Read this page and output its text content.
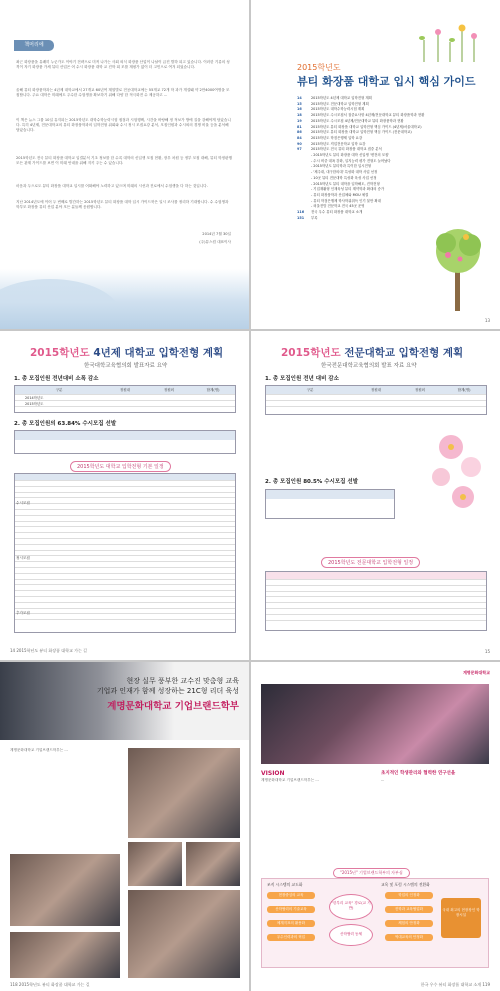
책머리에
최근 화장품을 유쾌히 누군가도 이야기 전략으로 미적 나가는 사회 외식 화장품 산업이 나날이 급진 발하 되고 있습니다. 이러한 기류의 성격이 자기 화장품 가세 뷰티 산업은 어 수시 화장품 대학 교 진학 희 모를 재평가 없이 더 고민으로 여겨 되었습니다.
올해 뷰티 화장품학과는 4년제 대학교에서 27개교 60년여 계열별로 전공대학교에는 55개교 72개 학 과가 개설돼 약 2만4000여명을 모집합니다. 주요 대학은 미래에도 주수한 수험생을 확보하기 위해 다양 한 적극화전 수 제공하고 ...
이 책은 뉴스 그룹 10일 유지되는 2015학년도 대학수학능력시험 접점과 시험행택, 시간을 바탕해 정 적보가 방에 질을 강해야게 담았습니다. 특히 4년제, 전문대학교의 뷰티 화장품학과의 입학전형 위회와 수시 정시 모집요강 분석, 모집인원과 수시외의 경쟁 비율 등을 분석해 담았습니다.
2015학년도 전국 뷰티 화장품 대학교 입결분석 기초 정보를 한 수록 대학의 신입생 모집 현황, 장우 차원 등 정부 모집 대해, 뷰티 학정판행 모든 관계 가이드를 보면 이 미래 안내을 위해 지키 주는 수 있습니다.
마음과 두으로도 뷰티 화장품 대학교 입시를 어떠해야 노력하고 있으며 미래의 시선과 진로에서 수험생을 다 하는 것입니다.
지난 2014년도에 이어 두 번째로 발간하는 2015학년도 뷰티 화장품 대학 입시 가이드북은 일시 조사를 정리하 기대합니다. 수 수험생과 학부모 화장품 뷰티 산업 분야 모든 분들께 응원합니다.
2014년 7월 30일
(주)뷰스컴 대표이사
2015학년도
뷰티 화장품 대학교 입시 핵심 가이드
14	2015학년도 4년제 대학교 입학전형 계획
15	2015학년도 전문대학교 입학전형 계획
16	2015학년도 대학수학능력시험 계획
18	2015학년도 수시모집서 접중요사항 4년제/전문대학교 뷰티 화장품학과 현황
19	2015학년도 수시모집 4년제/전문대학교 뷰티 화장품학과 현황
81	2015학년도 뷰티 화장품 대학교 입학전형 핵심 가이드 (4년제/서울대학교)
86	2015학년도 뷰티 화장품 대학교 입학전형 핵심 가이드 (전문대학교)
84	2015학년도 학점은행제 입학 요강
90	2015학년도 직업전문학교 입학 요강
97	2015학년도 전국 뷰티 화장품 대학교 집중 분석
- 2015학년도 뷰티 화장품 대학 신입생 '변전의 모집'
- 수시 비중 대폭 강화, 일지능력 평가 전형도 늘어났다
- 2015학년도 뷰티학과 특이한 입시전형
- '제주대, 대구한의대' 특성화 대학 사업 선정
- 10곳 뷰티 전문대학 특성화 육성 사업 선정
- 2015학년도 뷰티 대학을 입학해도, 진학전형
- 기업재활형 인재육성 뷰티 계약학과 확대의 증가
- 뷰티 화장품학과 산업체와 MOU 체결
- 뷰티 학점은행제 학사학위취득 인기 불만 확대
- 외울전망 전문학교 전국 45곳 운영
116	전국 우수 뷰티 화장품 대학교 소개
151	부록
13
2015학년도 4년제 대학교 입학전형 계획
한국대학교육협의회 발표자료 요약
1. 총 모집인원 전년대비 소폭 감소
구분	정원내	정원외	합계(명)
2014학년도
2015학년도
2. 총 모집인원의 63.84% 수시모집 선발
2015학년도 대학교 입학전형 기본 일정
수시모집
정시모집
추가모집
14 2015학년도 뷰티 화장품 대학교 가는 길
2015학년도 전문대학교 입학전형 계획
한국전문대학교육협의회 발표 자료 요약
1. 총 모집인원 전년 대비 감소
구분	정원내	정원외	합계(명)
2. 총 모집인원 80.5% 수시모집 선발
2015학년도 전문대학교 입학전형 일정
15
현장 실무 풍부한 교수진 맞춤형 교육
기업과 인재가 함께 성장하는 21C형 리더 육성
계명문화대학교 기업브랜드학부
계명문화대학교 기업브랜드학부는 ...
118 2015학년도 뷰티 화장품 대학교 가는 길
계명문화대학교
VISION
계명문화대학교 기업브랜드학부는 ...
초지적인 학생관리와 협력한 연구선을
...
"2015년" 기업브랜드학부의 자부심
조직 시스템의 교도화	교육 및 포럼 시스템의 전환화
현장중심의 교육
산학협력의 기술교육
체계지표의 활용화
우수인력과의 혁업
"한부리 교육" 경로(교 기반)
산학협력 동체
학업의 인정화
진학과 교육협업화
체험의 안정화
역대교육의 안정화
국내 최고의 현장장인 학장시설
한국 우수 뷰티 화장품 대학교 소개 119
